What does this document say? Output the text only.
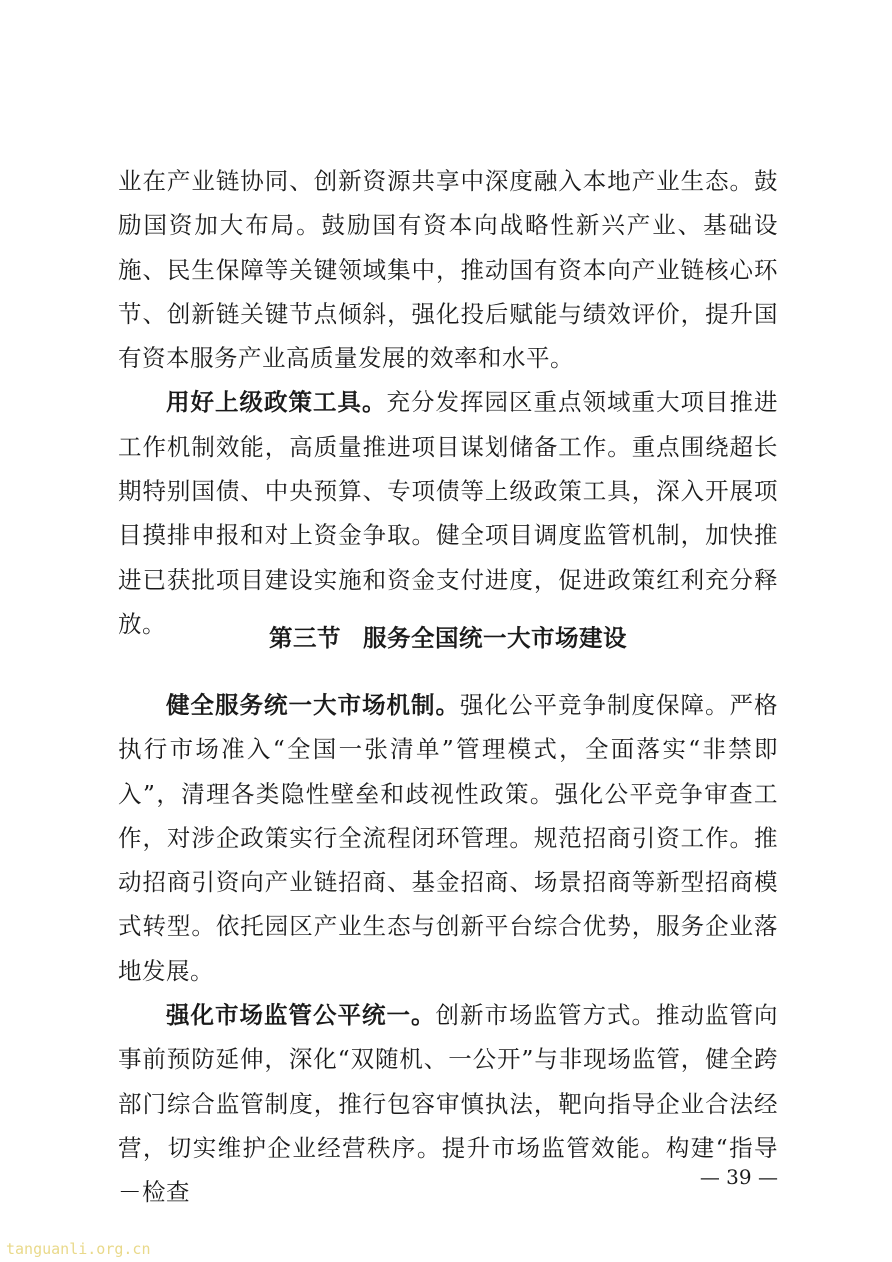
业在产业链协同、创新资源共享中深度融入本地产业生态。鼓励国资加大布局。鼓励国有资本向战略性新兴产业、基础设施、民生保障等关键领域集中，推动国有资本向产业链核心环节、创新链关键节点倾斜，强化投后赋能与绩效评价，提升国有资本服务产业高质量发展的效率和水平。

用好上级政策工具。充分发挥园区重点领域重大项目推进工作机制效能，高质量推进项目谋划储备工作。重点围绕超长期特别国债、中央预算、专项债等上级政策工具，深入开展项目摸排申报和对上资金争取。健全项目调度监管机制，加快推进已获批项目建设实施和资金支付进度，促进政策红利充分释放。

第三节 服务全国统一大市场建设

健全服务统一大市场机制。强化公平竞争制度保障。严格执行市场准入“全国一张清单”管理模式，全面落实“非禁即入”，清理各类隐性壁垒和歧视性政策。强化公平竞争审查工作，对涉企政策实行全流程闭环管理。规范招商引资工作。推动招商引资向产业链招商、基金招商、场景招商等新型招商模式转型。依托园区产业生态与创新平台综合优势，服务企业落地发展。

强化市场监管公平统一。创新市场监管方式。推动监管向事前预防延伸，深化“双随机、一公开”与非现场监管，健全跨部门综合监管制度，推行包容审慎执法，靶向指导企业合法经营，切实维护企业经营秩序。提升市场监管效能。构建“指导－检查

— 39 —
tanguanli.org.cn
